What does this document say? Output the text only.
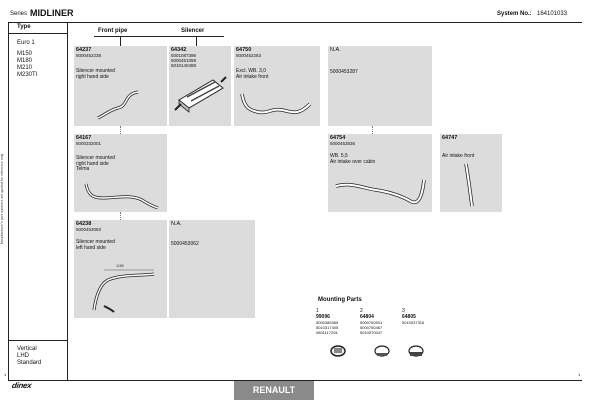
Series MIDLINER	System No.: 164101033
Type
Euro 1
M150
M180
M210
M230TI
Vertical
LHD
Standard
Manufacturer's part numbers are quoted for reference only
Front pipe	Silencer
64237
5000452238
Silencer mounted
right hand side
64342
5001087396
5000451059
5010140488
64750
5000452263
Excl. WB. 3,0
Air intake front
N.A.
5000453287
64167
5000332001
Silencer mounted
right hand side
Telma
64754
5000453836
WB. 5,5
Air intake over cabin
64747
Air intake front
64238
5000453083
Silencer mounted
left hand side
1188
N.A.
5000453062
Mounting Parts
1
99096
5000385365
5010317405
0801117294
2
64804
5000750531
5000750467
5010070047
3
64805
5010037316
1	1
dinex	RENAULT
